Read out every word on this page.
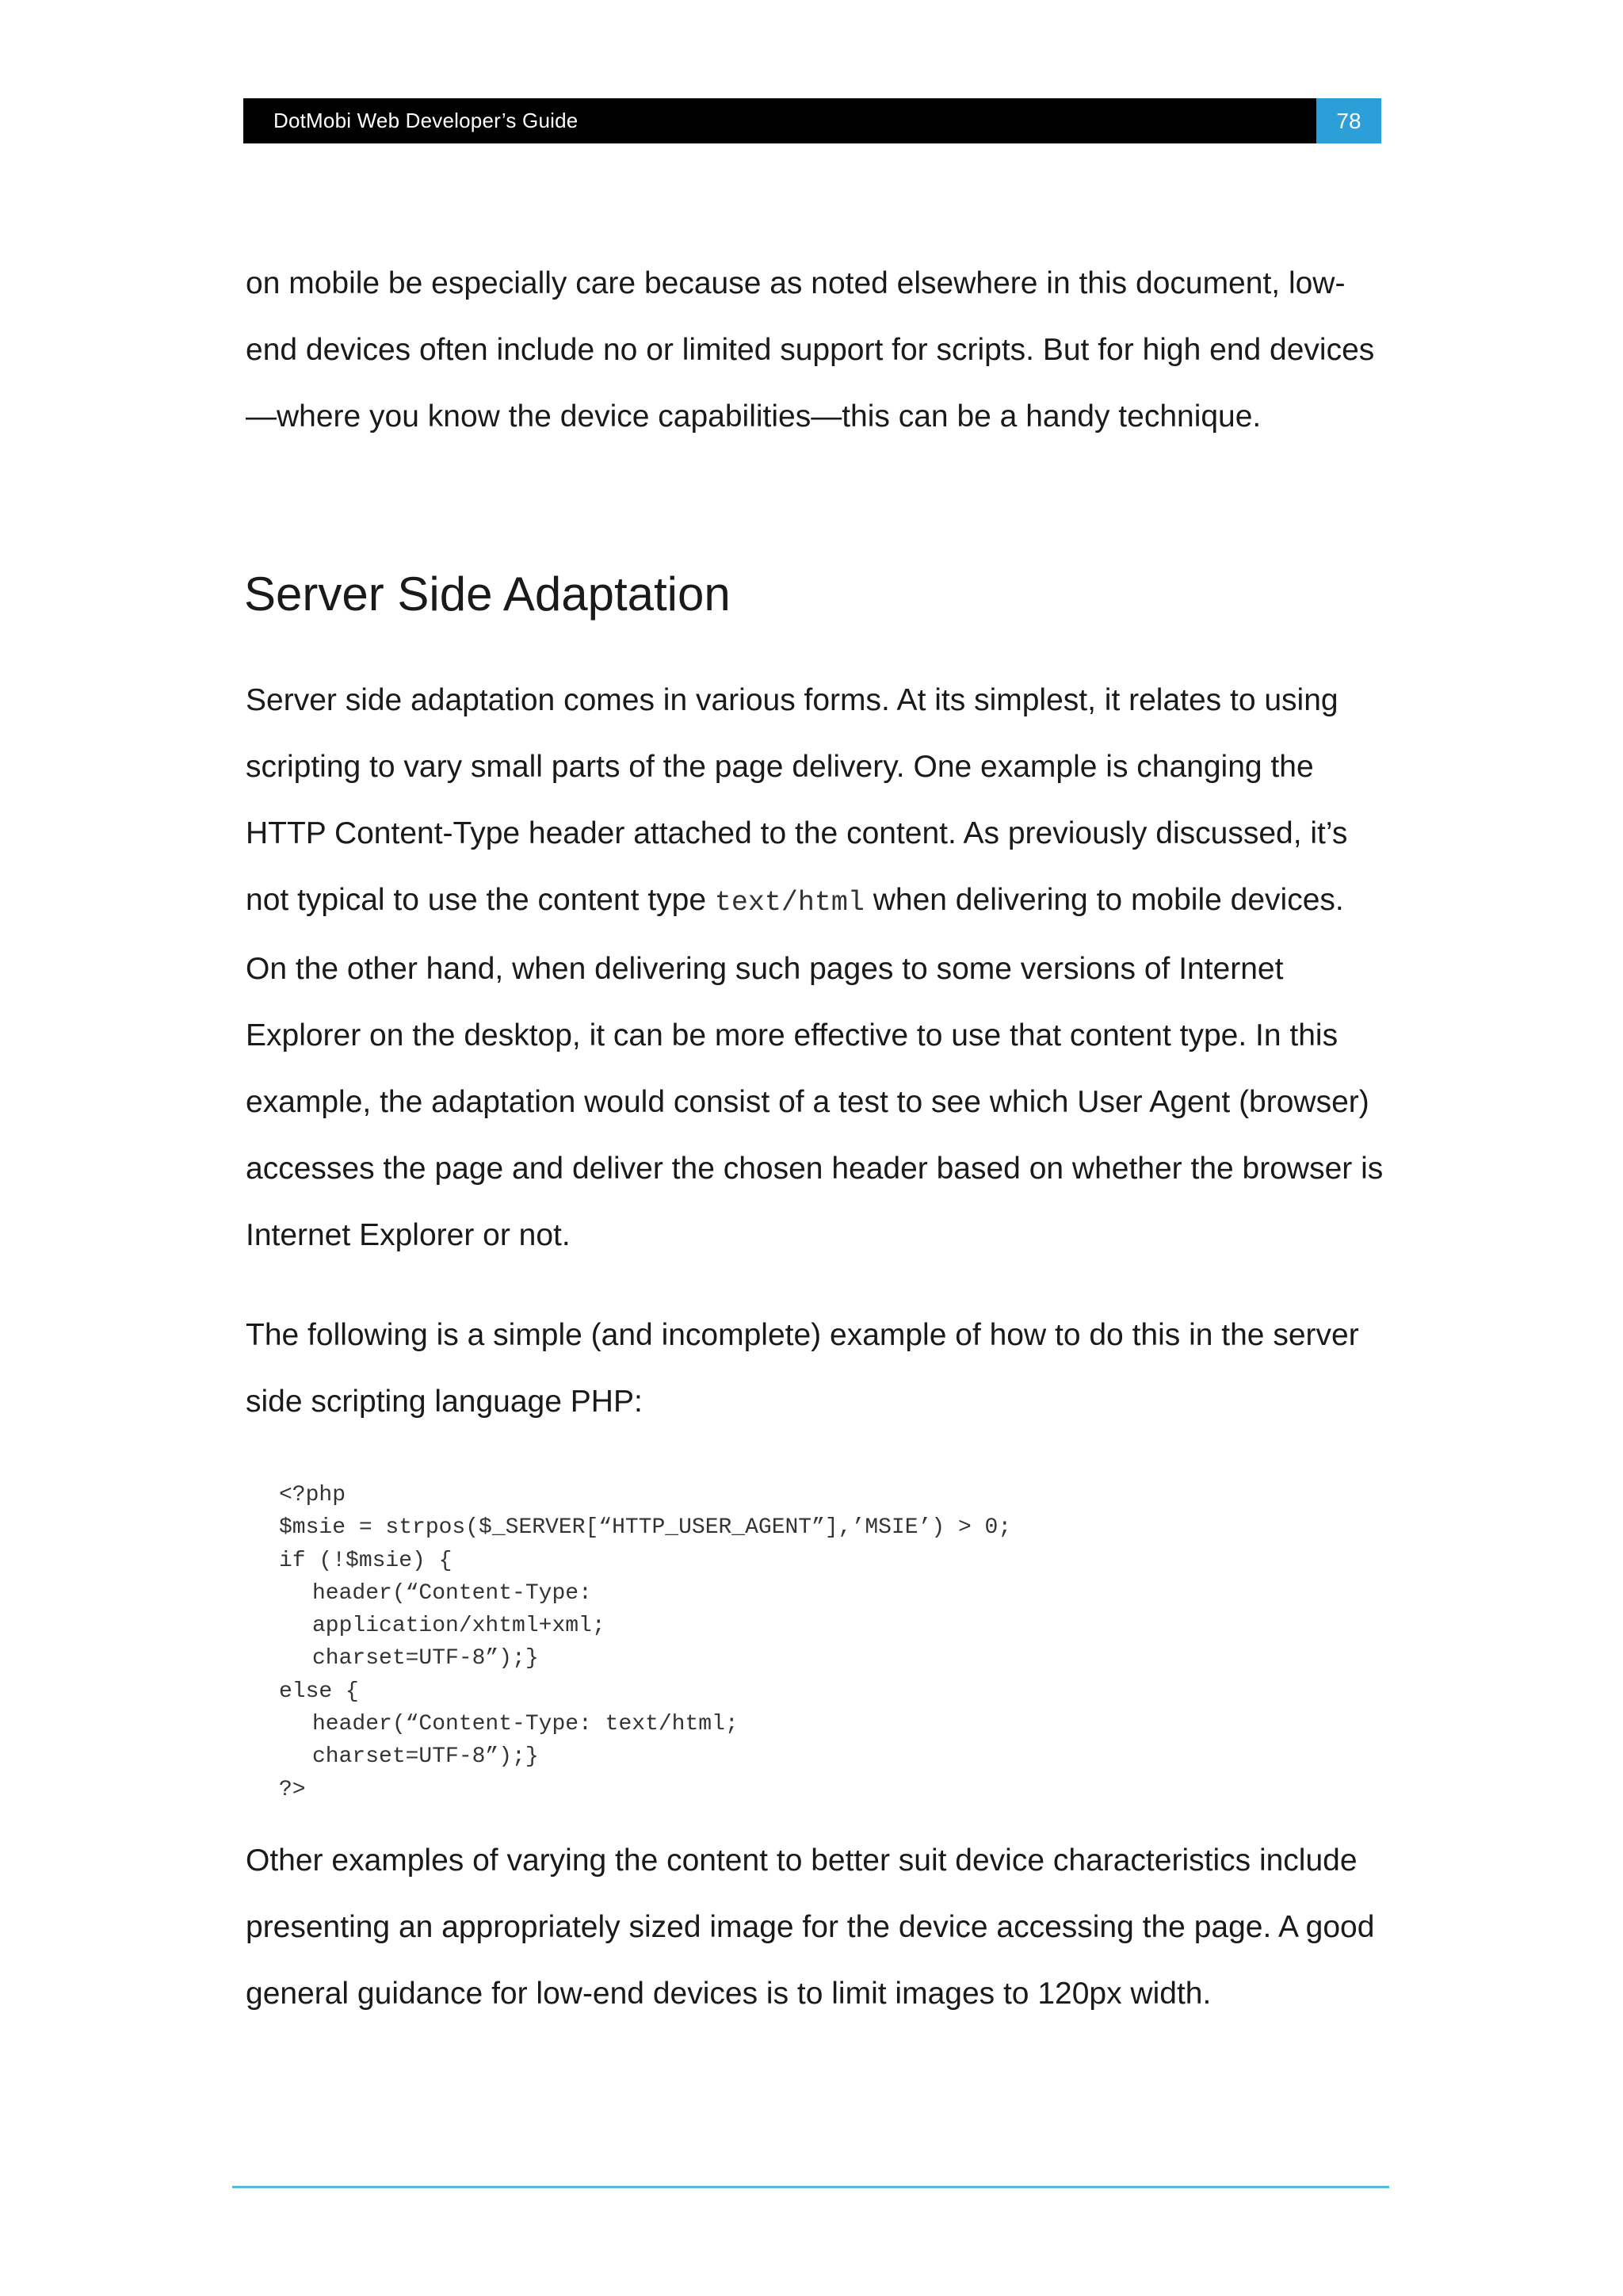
DotMobi Web Developer’s Guide	78

on mobile be especially care because as noted elsewhere in this document, low-end devices often include no or limited support for scripts. But for high end devices—where you know the device capabilities—this can be a handy technique.

Server Side Adaptation

Server side adaptation comes in various forms. At its simplest, it relates to using scripting to vary small parts of the page delivery. One example is changing the HTTP Content-Type header attached to the content. As previously discussed, it’s not typical to use the content type text/html when delivering to mobile devices. On the other hand, when delivering such pages to some versions of Internet Explorer on the desktop, it can be more effective to use that content type. In this example, the adaptation would consist of a test to see which User Agent (browser) accesses the page and deliver the chosen header based on whether the browser is Internet Explorer or not.

The following is a simple (and incomplete) example of how to do this in the server side scripting language PHP:

<?php
$msie = strpos($_SERVER[“HTTP_USER_AGENT”],’MSIE’) > 0;
if (!$msie) {
header(“Content-Type:
application/xhtml+xml;
charset=UTF-8”);}
else {
header(“Content-Type: text/html;
charset=UTF-8”);}
?>

Other examples of varying the content to better suit device characteristics include presenting an appropriately sized image for the device accessing the page. A good general guidance for low-end devices is to limit images to 120px width.
